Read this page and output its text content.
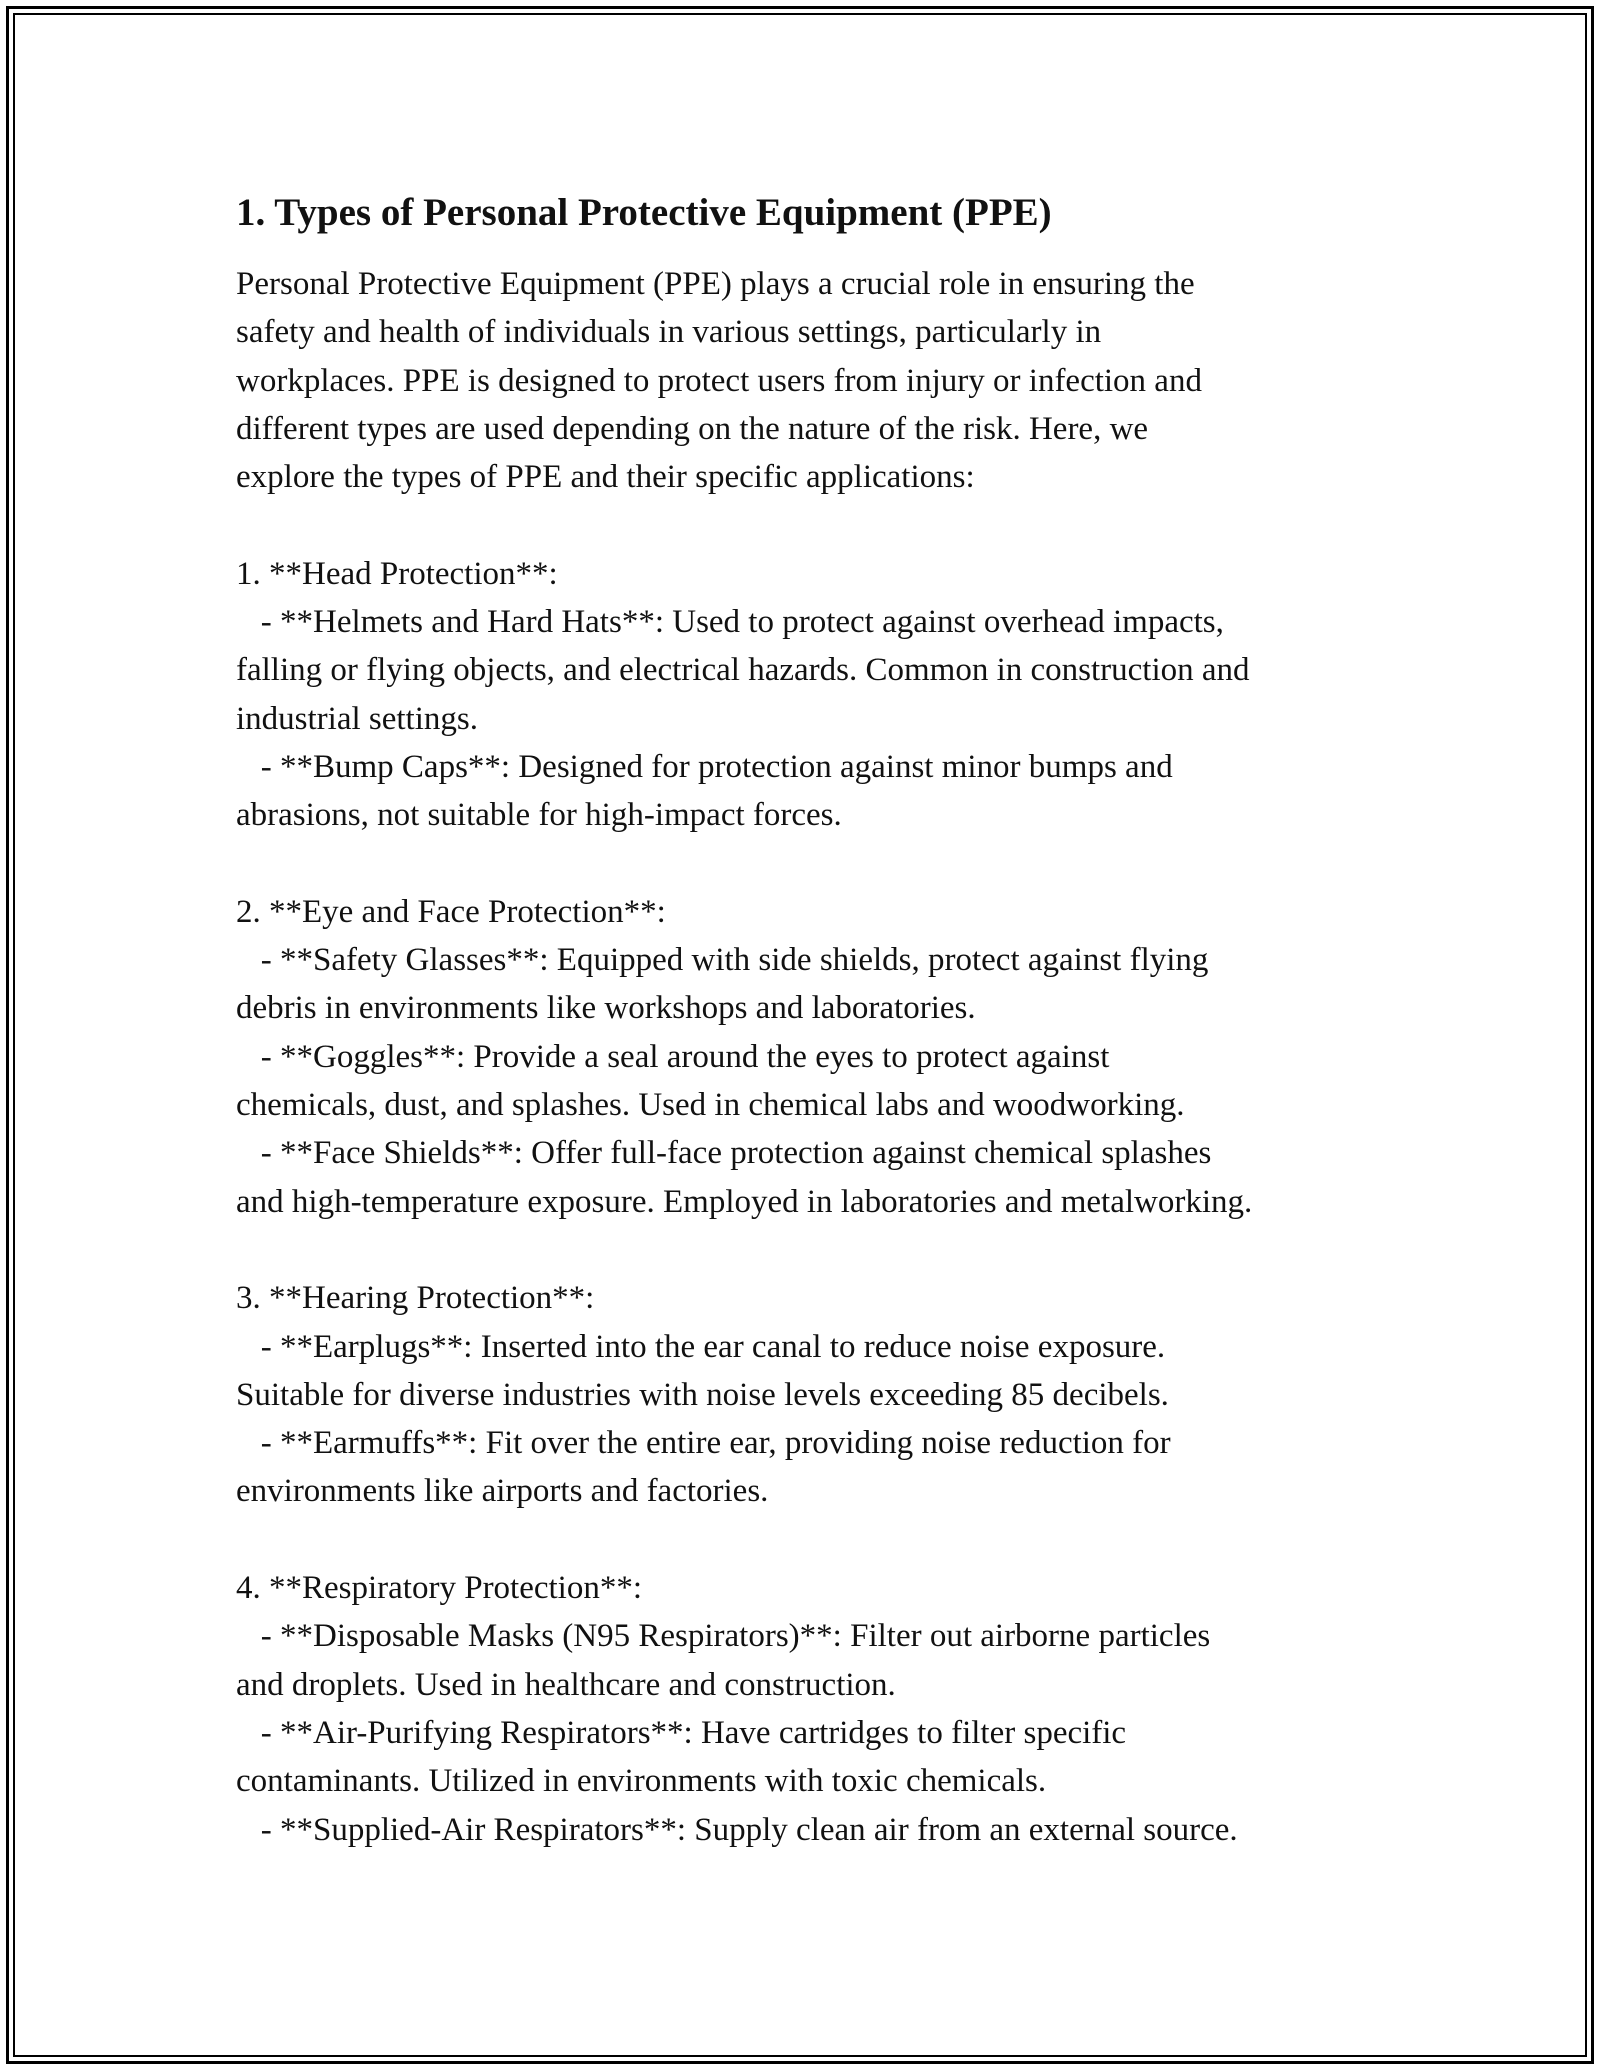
1. Types of Personal Protective Equipment (PPE)
Personal Protective Equipment (PPE) plays a crucial role in ensuring the
safety and health of individuals in various settings, particularly in
workplaces. PPE is designed to protect users from injury or infection and
different types are used depending on the nature of the risk. Here, we
explore the types of PPE and their specific applications:
1. **Head Protection**:
- **Helmets and Hard Hats**: Used to protect against overhead impacts,
falling or flying objects, and electrical hazards. Common in construction and
industrial settings.
- **Bump Caps**: Designed for protection against minor bumps and
abrasions, not suitable for high-impact forces.
2. **Eye and Face Protection**:
- **Safety Glasses**: Equipped with side shields, protect against flying
debris in environments like workshops and laboratories.
- **Goggles**: Provide a seal around the eyes to protect against
chemicals, dust, and splashes. Used in chemical labs and woodworking.
- **Face Shields**: Offer full-face protection against chemical splashes
and high-temperature exposure. Employed in laboratories and metalworking.
3. **Hearing Protection**:
- **Earplugs**: Inserted into the ear canal to reduce noise exposure.
Suitable for diverse industries with noise levels exceeding 85 decibels.
- **Earmuffs**: Fit over the entire ear, providing noise reduction for
environments like airports and factories.
4. **Respiratory Protection**:
- **Disposable Masks (N95 Respirators)**: Filter out airborne particles
and droplets. Used in healthcare and construction.
- **Air-Purifying Respirators**: Have cartridges to filter specific
contaminants. Utilized in environments with toxic chemicals.
- **Supplied-Air Respirators**: Supply clean air from an external source.
